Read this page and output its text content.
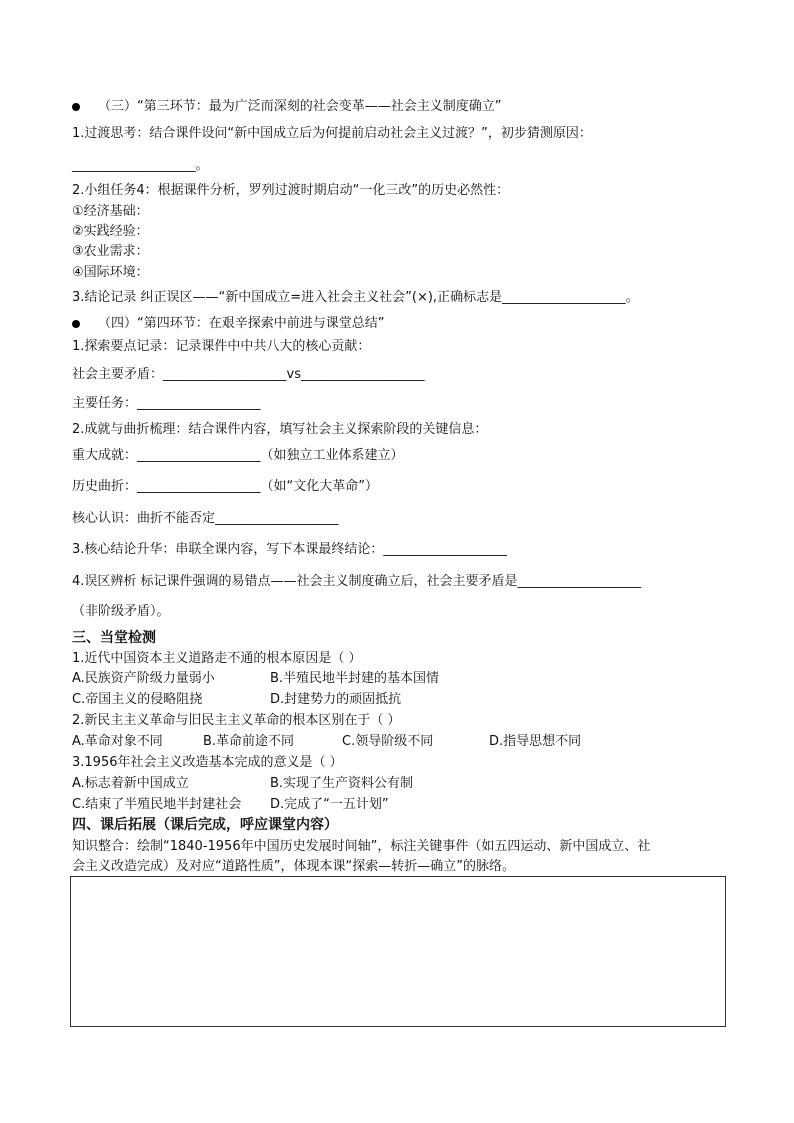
（三）“第三环节：最为广泛而深刻的社会变革——社会主义制度确立”
1.过渡思考：结合课件设问“新中国成立后为何提前启动社会主义过渡？”，初步猜测原因：
___________________。
2.小组任务4：根据课件分析，罗列过渡时期启动“一化三改”的历史必然性：
①经济基础：
②实践经验：
③农业需求：
④国际环境：
3.结论记录 纠正误区——“新中国成立=进入社会主义社会”(×),正确标志是___________________。
（四）“第四环节：在艰辛探索中前进与课堂总结”
1.探索要点记录：记录课件中中共八大的核心贡献：
社会主要矛盾：___________________vs___________________
主要任务：___________________
2.成就与曲折梳理：结合课件内容，填写社会主义探索阶段的关键信息：
重大成就：___________________（如独立工业体系建立）
历史曲折：___________________（如“文化大革命”）
核心认识：曲折不能否定___________________
3.核心结论升华：串联全课内容，写下本课最终结论：___________________
4.误区辨析 标记课件强调的易错点——社会主义制度确立后，社会主要矛盾是___________________
（非阶级矛盾）。
三、当堂检测
1.近代中国资本主义道路走不通的根本原因是（ ）
A.民族资产阶级力量弱小	B.半殖民地半封建的基本国情
C.帝国主义的侵略阻挠	D.封建势力的顽固抵抗
2.新民主主义革命与旧民主主义革命的根本区别在于（ ）
A.革命对象不同	B.革命前途不同	C.领导阶级不同	D.指导思想不同
3.1956年社会主义改造基本完成的意义是（ ）
A.标志着新中国成立	B.实现了生产资料公有制
C.结束了半殖民地半封建社会	D.完成了“一五计划”
四、课后拓展（课后完成，呼应课堂内容）
知识整合：绘制“1840-1956年中国历史发展时间轴”，标注关键事件（如五四运动、新中国成立、社
会主义改造完成）及对应“道路性质”，体现本课“探索—转折—确立”的脉络。
